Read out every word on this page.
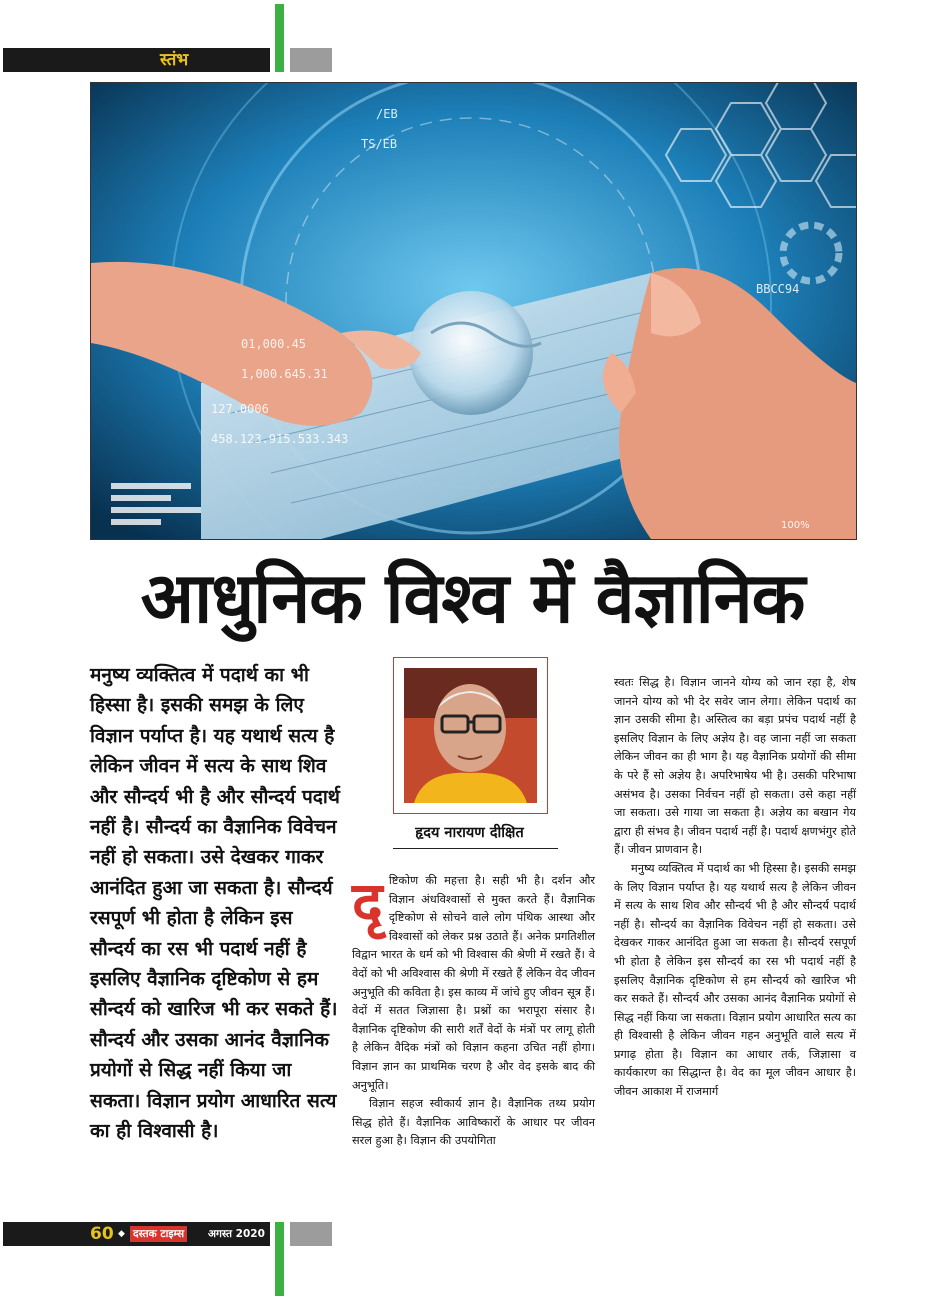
स्तंभ
01,000.45
1,000.645.31
127.0006
458.123.915.533.343
BBCC94
/EB
TS/EB
100%
आधुनिक विश्व में वैज्ञानिक
मनुष्य व्यक्तित्व में पदार्थ का भी हिस्सा है। इसकी समझ के लिए विज्ञान पर्याप्त है। यह यथार्थ सत्य है लेकिन जीवन में सत्य के साथ शिव और सौन्दर्य भी है और सौन्दर्य पदार्थ नहीं है। सौन्दर्य का वैज्ञानिक विवेचन नहीं हो सकता। उसे देखकर गाकर आनंदित हुआ जा सकता है। सौन्दर्य रसपूर्ण भी होता है लेकिन इस सौन्दर्य का रस भी पदार्थ नहीं है इसलिए वैज्ञानिक दृष्टिकोण से हम सौन्दर्य को खारिज भी कर सकते हैं। सौन्दर्य और उसका आनंद वैज्ञानिक प्रयोगों से सिद्ध नहीं किया जा सकता। विज्ञान प्रयोग आधारित सत्य का ही विश्वासी है।
हृदय नारायण दीक्षित
दृ ष्टिकोण की महत्ता है। सही भी है। दर्शन और विज्ञान अंधविश्वासों से मुक्त करते हैं। वैज्ञानिक दृष्टिकोण से सोचने वाले लोग पंथिक आस्था और विश्वासों को लेकर प्रश्न उठाते हैं। अनेक प्रगतिशील विद्वान भारत के धर्म को भी विश्वास की श्रेणी में रखते हैं। वे वेदों को भी अविश्वास की श्रेणी में रखते हैं लेकिन वेद जीवन अनुभूति की कविता है। इस काव्य में जांचे हुए जीवन सूत्र हैं। वेदों में सतत जिज्ञासा है। प्रश्नों का भरापूरा संसार है। वैज्ञानिक दृष्टिकोण की सारी शर्तें वेदों के मंत्रों पर लागू होती है लेकिन वैदिक मंत्रों को विज्ञान कहना उचित नहीं होगा। विज्ञान ज्ञान का प्राथमिक चरण है और वेद इसके बाद की अनुभूति।

विज्ञान सहज स्वीकार्य ज्ञान है। वैज्ञानिक तथ्य प्रयोग सिद्ध होते हैं। वैज्ञानिक आविष्कारों के आधार पर जीवन सरल हुआ है। विज्ञान की उपयोगिता

स्वतः सिद्ध है। विज्ञान जानने योग्य को जान रहा है, शेष जानने योग्य को भी देर सवेर जान लेगा। लेकिन पदार्थ का ज्ञान उसकी सीमा है। अस्तित्व का बड़ा प्रपंच पदार्थ नहीं है इसलिए विज्ञान के लिए अज्ञेय है। वह जाना नहीं जा सकता लेकिन जीवन का ही भाग है। यह वैज्ञानिक प्रयोगों की सीमा के परे हैं सो अज्ञेय है। अपरिभाषेय भी है। उसकी परिभाषा असंभव है। उसका निर्वचन नहीं हो सकता। उसे कहा नहीं जा सकता। उसे गाया जा सकता है। अज्ञेय का बखान गेय द्वारा ही संभव है। जीवन पदार्थ नहीं है। पदार्थ क्षणभंगुर होते हैं। जीवन प्राणवान है।

मनुष्य व्यक्तित्व में पदार्थ का भी हिस्सा है। इसकी समझ के लिए विज्ञान पर्याप्त है। यह यथार्थ सत्य है लेकिन जीवन में सत्य के साथ शिव और सौन्दर्य भी है और सौन्दर्य पदार्थ नहीं है। सौन्दर्य का वैज्ञानिक विवेचन नहीं हो सकता। उसे देखकर गाकर आनंदित हुआ जा सकता है। सौन्दर्य रसपूर्ण भी होता है लेकिन इस सौन्दर्य का रस भी पदार्थ नहीं है इसलिए वैज्ञानिक दृष्टिकोण से हम सौन्दर्य को खारिज भी कर सकते हैं। सौन्दर्य और उसका आनंद वैज्ञानिक प्रयोगों से सिद्ध नहीं किया जा सकता। विज्ञान प्रयोग आधारित सत्य का ही विश्वासी है लेकिन जीवन गहन अनुभूति वाले सत्य में प्रगाढ़ होता है। विज्ञान का आधार तर्क, जिज्ञासा व कार्यकारण का सिद्धान्त है। वेद का मूल जीवन आधार है। जीवन आकाश में राजमार्ग

60 ◆ दस्तक टाइम्स अगस्त 2020
